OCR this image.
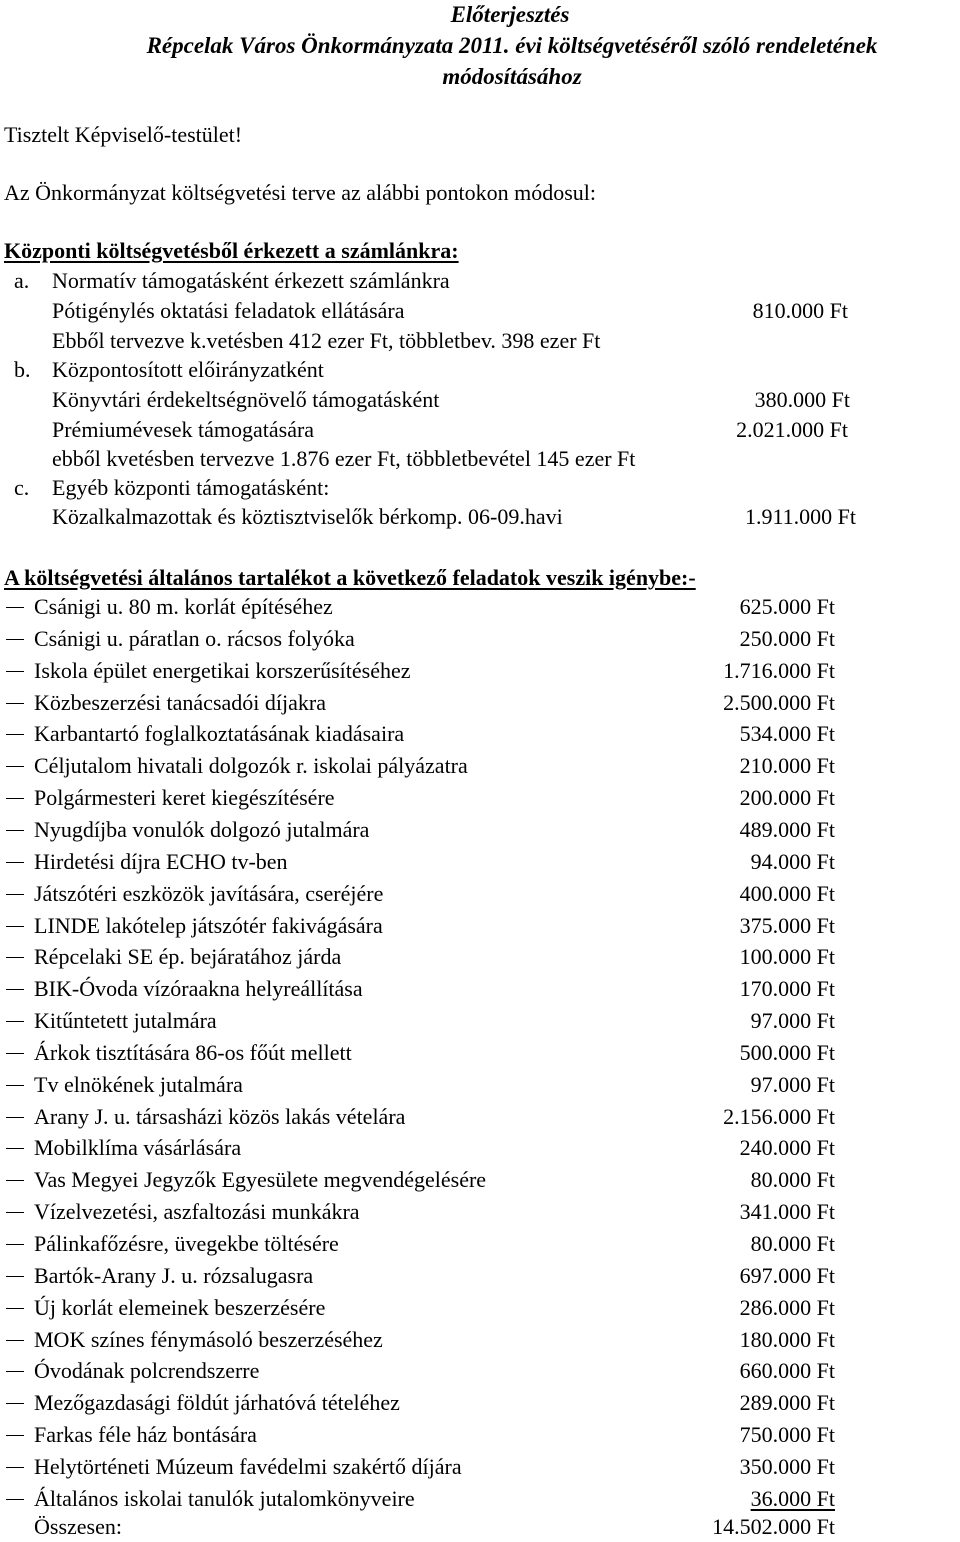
Előterjesztés
Répcelak Város Önkormányzata 2011. évi költségvetéséről szóló rendeletének
módosításához
Tisztelt Képviselő-testület!
Az Önkormányzat költségvetési terve az alábbi pontokon módosul:
Központi költségvetésből érkezett a számlánkra:
a. Normatív támogatásként érkezett számlánkra
Pótigénylés oktatási feladatok ellátására	810.000 Ft
Ebből tervezve k.vetésben 412 ezer Ft, többletbev. 398 ezer Ft
b. Központosított előirányzatként
Könyvtári érdekeltségnövelő támogatásként	380.000 Ft
Prémiumévesek támogatására	2.021.000 Ft
ebből kvetésben tervezve 1.876 ezer Ft, többletbevétel 145 ezer Ft
c. Egyéb központi támogatásként:
Közalkalmazottak és köztisztviselők bérkomp. 06-09.havi	1.911.000 Ft
A költségvetési általános tartalékot a következő feladatok veszik igénybe:-
Csánigi u. 80 m. korlát építéséhez	625.000 Ft
Csánigi u. páratlan o. rácsos folyóka	250.000 Ft
Iskola épület energetikai korszerűsítéséhez	1.716.000 Ft
Közbeszerzési tanácsadói díjakra	2.500.000 Ft
Karbantartó foglalkoztatásának kiadásaira	534.000 Ft
Céljutalom hivatali dolgozók r. iskolai pályázatra	210.000 Ft
Polgármesteri keret kiegészítésére	200.000 Ft
Nyugdíjba vonulók dolgozó jutalmára	489.000 Ft
Hirdetési díjra ECHO tv-ben	94.000 Ft
Játszótéri eszközök javítására, cseréjére	400.000 Ft
LINDE lakótelep játszótér fakivágására	375.000 Ft
Répcelaki SE ép. bejáratához járda	100.000 Ft
BIK-Óvoda vízóraakna helyreállítása	170.000 Ft
Kitűntetett jutalmára	97.000 Ft
Árkok tisztítására 86-os főút mellett	500.000 Ft
Tv elnökének jutalmára	97.000 Ft
Arany J. u. társasházi közös lakás vételára	2.156.000 Ft
Mobilklíma vásárlására	240.000 Ft
Vas Megyei Jegyzők Egyesülete megvendégelésére	80.000 Ft
Vízelvezetési, aszfaltozási munkákra	341.000 Ft
Pálinkafőzésre, üvegekbe töltésére	80.000 Ft
Bartók-Arany J. u. rózsalugasra	697.000 Ft
Új korlát elemeinek beszerzésére	286.000 Ft
MOK színes fénymásoló beszerzéséhez	180.000 Ft
Óvodának polcrendszerre	660.000 Ft
Mezőgazdasági földút járhatóvá tételéhez	289.000 Ft
Farkas féle ház bontására	750.000 Ft
Helytörténeti Múzeum favédelmi szakértő díjára	350.000 Ft
Általános iskolai tanulók jutalomkönyveire	36.000 Ft
Összesen:	14.502.000 Ft
